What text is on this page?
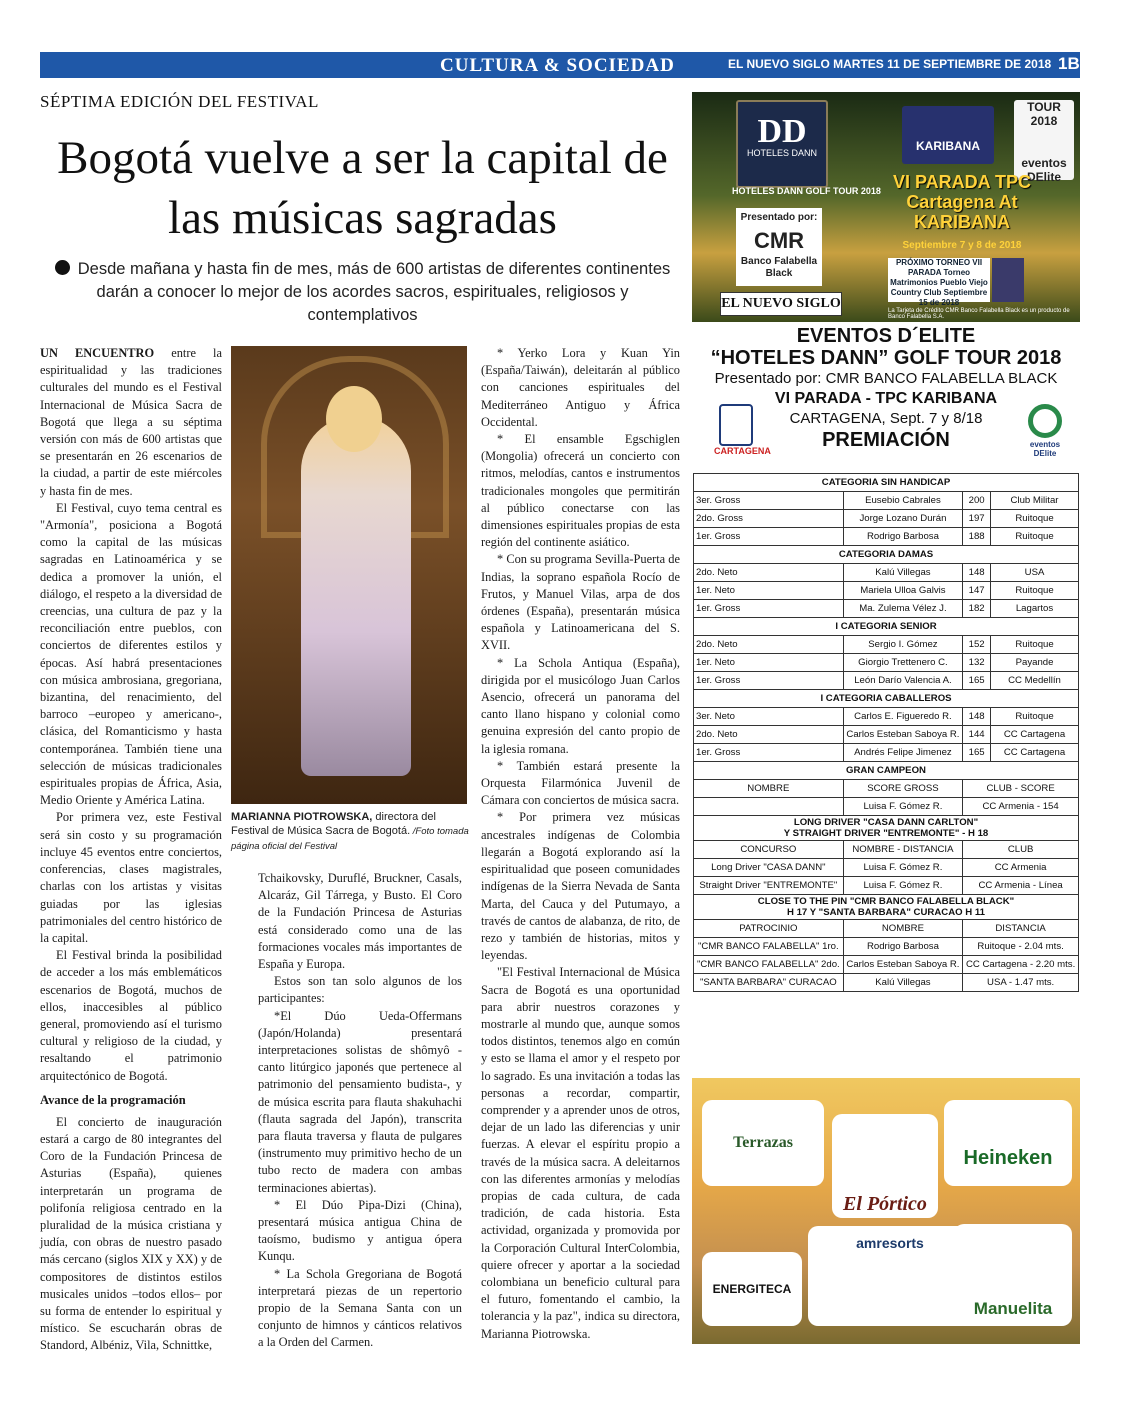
CULTURA & SOCIEDAD	EL NUEVO SIGLO MARTES 11 DE SEPTIEMBRE DE 2018 1B
SÉPTIMA EDICIÓN DEL FESTIVAL
Bogotá vuelve a ser la capital de las músicas sagradas
Desde mañana y hasta fin de mes, más de 600 artistas de diferentes continentes darán a conocer lo mejor de los acordes sacros, espirituales, religiosos y contemplativos

UN ENCUENTRO entre la espiritualidad y las tradiciones culturales del mundo es el Festival Internacional de Música Sacra de Bogotá que llega a su séptima versión con más de 600 artistas que se presentarán en 26 escenarios de la ciudad, a partir de este miércoles y hasta fin de mes.

El Festival, cuyo tema central es "Armonía", posiciona a Bogotá como la capital de las músicas sagradas en Latinoamérica y se dedica a promover la unión, el diálogo, el respeto a la diversidad de creencias, una cultura de paz y la reconciliación entre pueblos, con conciertos de diferentes estilos y épocas. Así habrá presentaciones con música ambrosiana, gregoriana, bizantina, del renacimiento, del barroco –europeo y americano-, clásica, del Romanticismo y hasta contemporánea. También tiene una selección de músicas tradicionales espirituales propias de África, Asia, Medio Oriente y América Latina.

Por primera vez, este Festival será sin costo y su programación incluye 45 eventos entre conciertos, conferencias, clases magistrales, charlas con los artistas y visitas guiadas por las iglesias patrimoniales del centro histórico de la capital.

El Festival brinda la posibilidad de acceder a los más emblemáticos escenarios de Bogotá, muchos de ellos, inaccesibles al público general, promoviendo así el turismo cultural y religioso de la ciudad, y resaltando el patrimonio arquitectónico de Bogotá.

Avance de la programación

El concierto de inauguración estará a cargo de 80 integrantes del Coro de la Fundación Princesa de Asturias (España), quienes interpretarán un programa de polifonía religiosa centrado en la pluralidad de la música cristiana y judía, con obras de nuestro pasado más cercano (siglos XIX y XX) y de compositores de distintos estilos musicales unidos –todos ellos– por su forma de entender lo espiritual y místico. Se escucharán obras de Standord, Albéniz, Vila, Schnittke,

MARIANNA PIOTROWSKA, directora del Festival de Música Sacra de Bogotá. /Foto tomada página oficial del Festival

Tchaikovsky, Duruflé, Bruckner, Casals, Alcaráz, Gil Tárrega, y Busto. El Coro de la Fundación Princesa de Asturias está considerado como una de las formaciones vocales más importantes de España y Europa.

Estos son tan solo algunos de los participantes:

*El Dúo Ueda-Offermans (Japón/Holanda) presentará interpretaciones solistas de shômyô -canto litúrgico japonés que pertenece al patrimonio del pensamiento budista-, y de música escrita para flauta shakuhachi (flauta sagrada del Japón), transcrita para flauta traversa y flauta de pulgares (instrumento muy primitivo hecho de un tubo recto de madera con ambas terminaciones abiertas).

* El Dúo Pipa-Dizi (China), presentará música antigua China de taoísmo, budismo y antigua ópera Kunqu.

* La Schola Gregoriana de Bogotá interpretará piezas de un repertorio propio de la Semana Santa con un conjunto de himnos y cánticos relativos a la Orden del Carmen.

* Yerko Lora y Kuan Yin (España/Taiwán), deleitarán al público con canciones espirituales del Mediterráneo Antiguo y África Occidental.

* El ensamble Egschiglen (Mongolia) ofrecerá un concierto con ritmos, melodías, cantos e instrumentos tradicionales mongoles que permitirán al público conectarse con las dimensiones espirituales propias de esta región del continente asiático.

* Con su programa Sevilla-Puerta de Indias, la soprano española Rocío de Frutos, y Manuel Vilas, arpa de dos órdenes (España), presentarán música española y Latinoamericana del S. XVII.

* La Schola Antiqua (España), dirigida por el musicólogo Juan Carlos Asencio, ofrecerá un panorama del canto llano hispano y colonial como genuina expresión del canto propio de la iglesia romana.

* También estará presente la Orquesta Filarmónica Juvenil de Cámara con conciertos de música sacra.

* Por primera vez músicas ancestrales indígenas de Colombia llegarán a Bogotá explorando así la espiritualidad que poseen comunidades indígenas de la Sierra Nevada de Santa Marta, del Cauca y del Putumayo, a través de cantos de alabanza, de rito, de rezo y también de historias, mitos y leyendas.

"El Festival Internacional de Música Sacra de Bogotá es una oportunidad para abrir nuestros corazones y mostrarle al mundo que, aunque somos todos distintos, tenemos algo en común y esto se llama el amor y el respeto por lo sagrado. Es una invitación a todas las personas a recordar, compartir, comprender y a aprender unos de otros, dejar de un lado las diferencias y unir fuerzas. A elevar el espíritu propio a través de la música sacra. A deleitarnos con las diferentes armonías y melodías propias de cada cultura, de cada tradición, de cada historia. Esta actividad, organizada y promovida por la Corporación Cultural InterColombia, quiere ofrecer y aportar a la sociedad colombiana un beneficio cultural para el futuro, fomentando el cambio, la tolerancia y la paz", indica su directora, Marianna Piotrowska.

DD
HOTELES DANN	KARIBANA
TOUR 2018

eventos DElite
HOTELES DANN GOLF TOUR 2018
Presentado por:
CMR
Banco Falabella Black
VI PARADA TPC Cartagena At KARIBANA
Septiembre 7 y 8 de 2018
PRÓXIMO TORNEO VII PARADA Torneo Matrimonios Pueblo Viejo Country Club Septiembre 15 de 2018
EL NUEVO SIGLO	La Tarjeta de Crédito CMR Banco Falabella Black es un producto de Banco Falabella S.A.
EVENTOS D´ELITE
“HOTELES DANN” GOLF TOUR 2018
Presentado por: CMR BANCO FALABELLA BLACK
VI PARADA - TPC KARIBANA
CARTAGENA, Sept. 7 y 8/18
PREMIACIÓN
CARTAGENA
eventos DElite
CATEGORIA SIN HANDICAP			
3er. Gross	Eusebio Cabrales	200	Club Militar
2do. Gross	Jorge Lozano Durán	197	Ruitoque
1er. Gross	Rodrigo Barbosa	188	Ruitoque
CATEGORIA DAMAS			
2do. Neto	Kalú Villegas	148	USA
1er. Neto	Mariela Ulloa Galvis	147	Ruitoque
1er. Gross	Ma. Zulema Vélez J.	182	Lagartos
I CATEGORIA SENIOR			
2do. Neto	Sergio I. Gómez	152	Ruitoque
1er. Neto	Giorgio Trettenero C.	132	Payande
1er. Gross	León Darío Valencia A.	165	CC Medellín
I CATEGORIA CABALLEROS			
3er. Neto	Carlos E. Figueredo R.	148	Ruitoque
2do. Neto	Carlos Esteban Saboya R.	144	CC Cartagena
1er. Gross	Andrés Felipe Jimenez	165	CC Cartagena
GRAN CAMPEON			
NOMBRE	SCORE GROSS	CLUB - SCORE	
	Luisa F. Gómez R.	CC Armenia - 154	
LONG DRIVER "CASA DANN CARLTON"
Y STRAIGHT DRIVER "ENTREMONTE" - H 18			
CONCURSO	NOMBRE - DISTANCIA	CLUB	
Long Driver "CASA DANN"	Luisa F. Gómez R.	CC Armenia	
Straight Driver "ENTREMONTE"	Luisa F. Gómez R.	CC Armenia - Línea	
CLOSE TO THE PIN "CMR BANCO FALABELLA BLACK"
H 17 Y "SANTA BARBARA" CURACAO H 11			
PATROCINIO	NOMBRE	DISTANCIA	
"CMR BANCO FALABELLA" 1ro.	Rodrigo Barbosa	Ruitoque - 2.04 mts.	
"CMR BANCO FALABELLA" 2do.	Carlos Esteban Saboya R.	CC Cartagena - 2.20 mts.	
"SANTA BARBARA" CURACAO	Kalú Villegas	USA - 1.47 mts.	
Terrazas
El Pórtico
Heineken
amresorts
ENERGITECA
Manuelita
